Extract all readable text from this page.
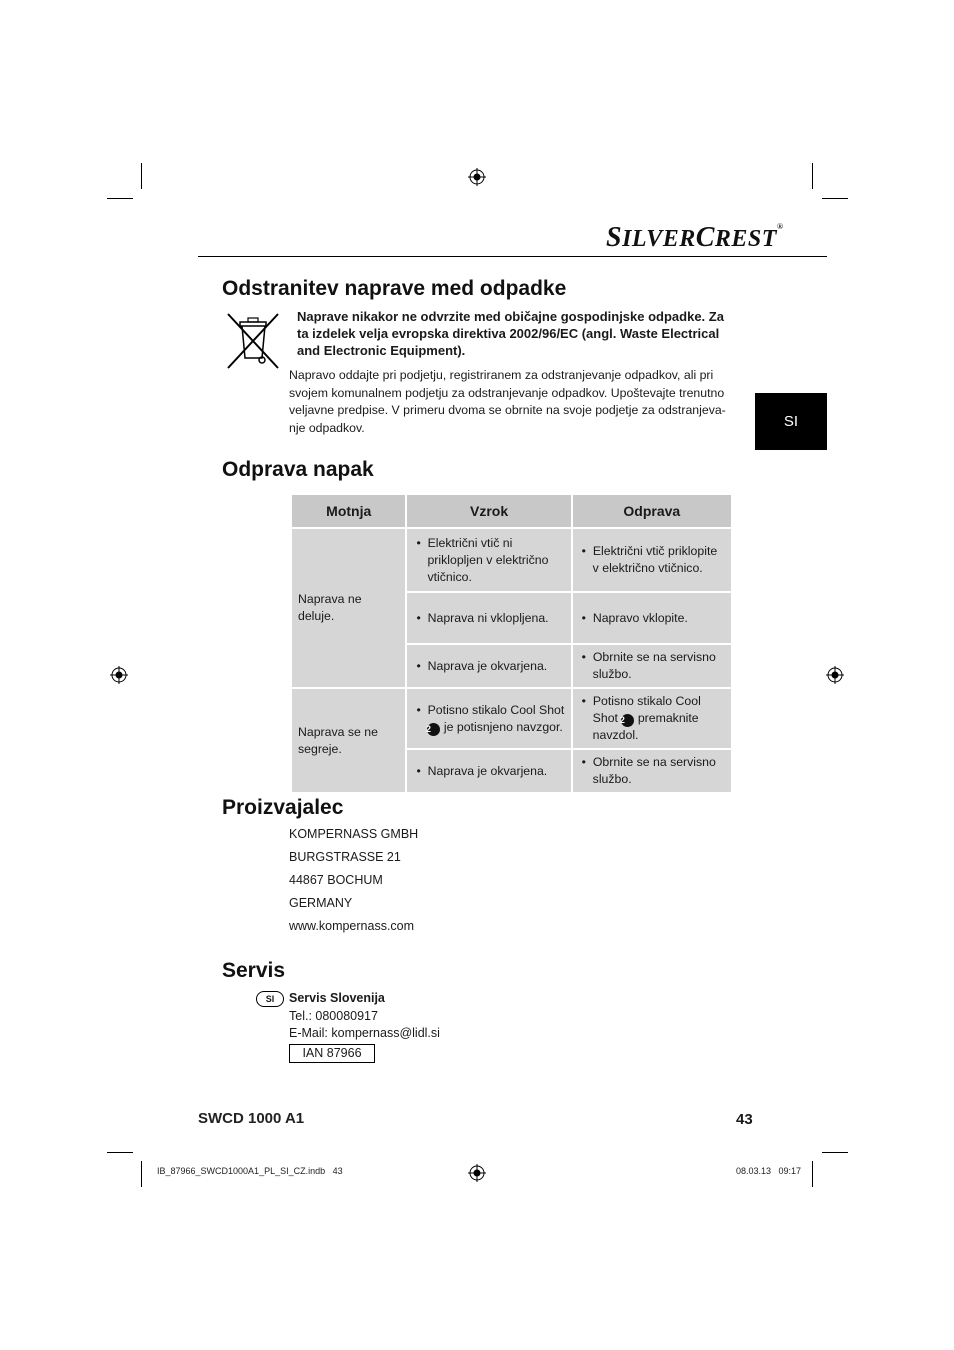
SILVERCREST®
SI
Odstranitev naprave med odpadke
Naprave nikakor ne odvrzite med običajne gospodinjske odpadke. Za ta izdelek velja evropska direktiva 2002/96/EC (angl. Waste Electrical and Electronic Equipment).
Napravo oddajte pri podjetju, registriranem za odstranjevanje odpadkov, ali pri svojem komunalnem podjetju za odstranjevanje odpadkov. Upoštevajte trenutno veljavne predpise. V primeru dvoma se obrnite na svoje podjetje za odstranjeva-nje odpadkov.
Odprava napak
Motnja	Vzrok	Odprava
Naprava ne deluje.	• Električni vtič ni priklopljen v električno vtičnico.	• Električni vtič priklopite v električno vtičnico.
	• Naprava ni vklopljena.	• Napravo vklopite.
	• Naprava je okvarjena.	• Obrnite se na servisno službo.
Naprava se ne segreje.	• Potisno stikalo Cool Shot 2 je potisnjeno navzgor.	• Potisno stikalo Cool Shot 2 premaknite navzdol.
	• Naprava je okvarjena.	• Obrnite se na servisno službo.
Proizvajalec
KOMPERNASS GMBH
BURGSTRASSE 21
44867 BOCHUM
GERMANY
www.kompernass.com
Servis
SI	Servis Slovenija
Tel.: 080080917
E-Mail: kompernass@lidl.si
IAN 87966
SWCD 1000 A1	43
IB_87966_SWCD1000A1_PL_SI_CZ.indb   43	08.03.13   09:17
